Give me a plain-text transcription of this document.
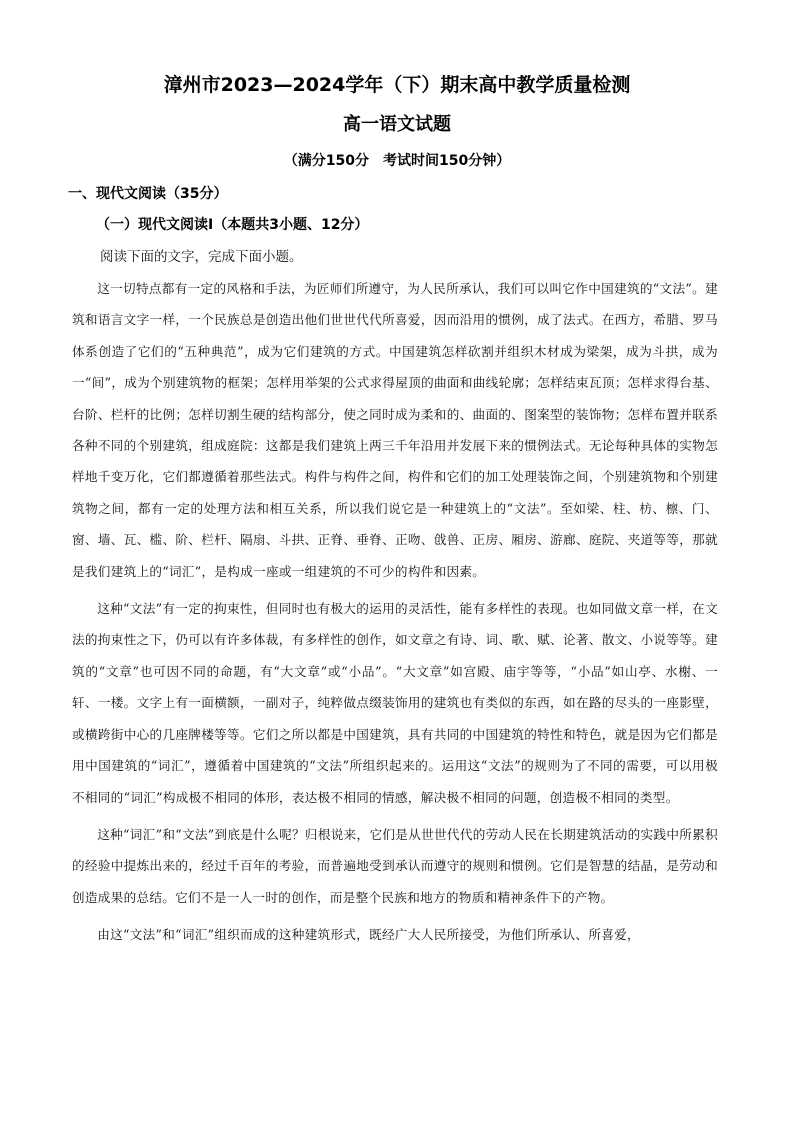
漳州市2023—2024学年（下）期末高中教学质量检测
高一语文试题
（满分150分　考试时间150分钟）
一、现代文阅读（35分）
（一）现代文阅读Ⅰ（本题共3小题、12分）
阅读下面的文字，完成下面小题。

这一切特点都有一定的风格和手法，为匠师们所遵守，为人民所承认，我们可以叫它作中国建筑的“文法”。建筑和语言文字一样，一个民族总是创造出他们世世代代所喜爱，因而沿用的惯例，成了法式。在西方，希腊、罗马体系创造了它们的“五种典范”，成为它们建筑的方式。中国建筑怎样砍割并组织木材成为梁架，成为斗拱，成为一“间”，成为个别建筑物的框架；怎样用举架的公式求得屋顶的曲面和曲线轮廓；怎样结束瓦顶；怎样求得台基、台阶、栏杆的比例；怎样切割生硬的结构部分，使之同时成为柔和的、曲面的、图案型的装饰物；怎样布置并联系各种不同的个别建筑，组成庭院：这都是我们建筑上两三千年沿用并发展下来的惯例法式。无论每种具体的实物怎样地千变万化，它们都遵循着那些法式。构件与构件之间，构件和它们的加工处理装饰之间，个别建筑物和个别建筑物之间，都有一定的处理方法和相互关系，所以我们说它是一种建筑上的“文法”。至如梁、柱、枋、檩、门、窗、墙、瓦、槛、阶、栏杆、隔扇、斗拱、正脊、垂脊、正吻、戗兽、正房、厢房、游廊、庭院、夹道等等，那就是我们建筑上的“词汇”，是构成一座或一组建筑的不可少的构件和因素。

这种“文法”有一定的拘束性，但同时也有极大的运用的灵活性，能有多样性的表现。也如同做文章一样，在文法的拘束性之下，仍可以有许多体裁，有多样性的创作，如文章之有诗、词、歌、赋、论著、散文、小说等等。建筑的“文章”也可因不同的命题，有“大文章”或“小品”。“大文章”如宫殿、庙宇等等，“小品”如山亭、水榭、一轩、一楼。文字上有一面横额，一副对子，纯粹做点缀装饰用的建筑也有类似的东西，如在路的尽头的一座影壁，或横跨街中心的几座牌楼等等。它们之所以都是中国建筑，具有共同的中国建筑的特性和特色，就是因为它们都是用中国建筑的“词汇”，遵循着中国建筑的“文法”所组织起来的。运用这“文法”的规则为了不同的需要，可以用极不相同的“词汇”构成极不相同的体形，表达极不相同的情感，解决极不相同的问题，创造极不相同的类型。

这种“词汇”和“文法”到底是什么呢？归根说来，它们是从世世代代的劳动人民在长期建筑活动的实践中所累积的经验中提炼出来的，经过千百年的考验，而普遍地受到承认而遵守的规则和惯例。它们是智慧的结晶，是劳动和创造成果的总结。它们不是一人一时的创作，而是整个民族和地方的物质和精神条件下的产物。

由这“文法”和“词汇”组织而成的这种建筑形式，既经广大人民所接受，为他们所承认、所喜爱，
